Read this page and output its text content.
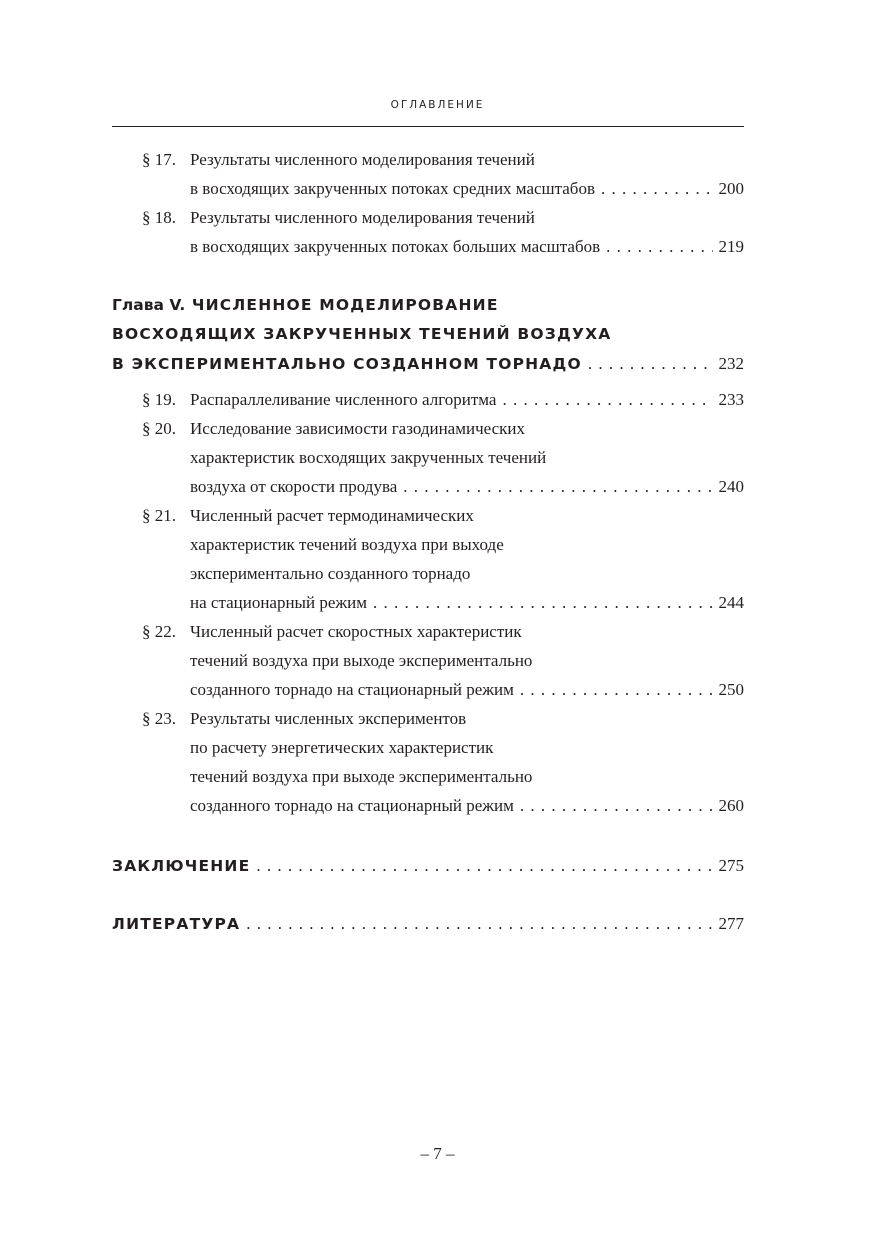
ОГЛАВЛЕНИЕ
§ 17. Результаты численного моделирования течений
в восходящих закрученных потоках средних масштабов . . .	200
§ 18. Результаты численного моделирования течений
в восходящих закрученных потоках больших масштабов . . .	219
Глава V.
ЧИСЛЕННОЕ МОДЕЛИРОВАНИЕ
ВОСХОДЯЩИХ ЗАКРУЧЕННЫХ ТЕЧЕНИЙ ВОЗДУХА
В ЭКСПЕРИМЕНТАЛЬНО СОЗДАННОМ ТОРНАДО . . .	232
§ 19. Распараллеливание численного алгоритма . . .	233
§ 20. Исследование зависимости газодинамических
характеристик восходящих закрученных течений
воздуха от скорости продува . . .	240
§ 21. Численный расчет термодинамических
характеристик течений воздуха при выходе
экспериментально созданного торнадо
на стационарный режим . . .	244
§ 22. Численный расчет скоростных характеристик
течений воздуха при выходе экспериментально
созданного торнадо на стационарный режим . . .	250
§ 23. Результаты численных экспериментов
по расчету энергетических характеристик
течений воздуха при выходе экспериментально
созданного торнадо на стационарный режим . . .	260
ЗАКЛЮЧЕНИЕ . . .	275
ЛИТЕРАТУРА . . .	277
– 7 –
